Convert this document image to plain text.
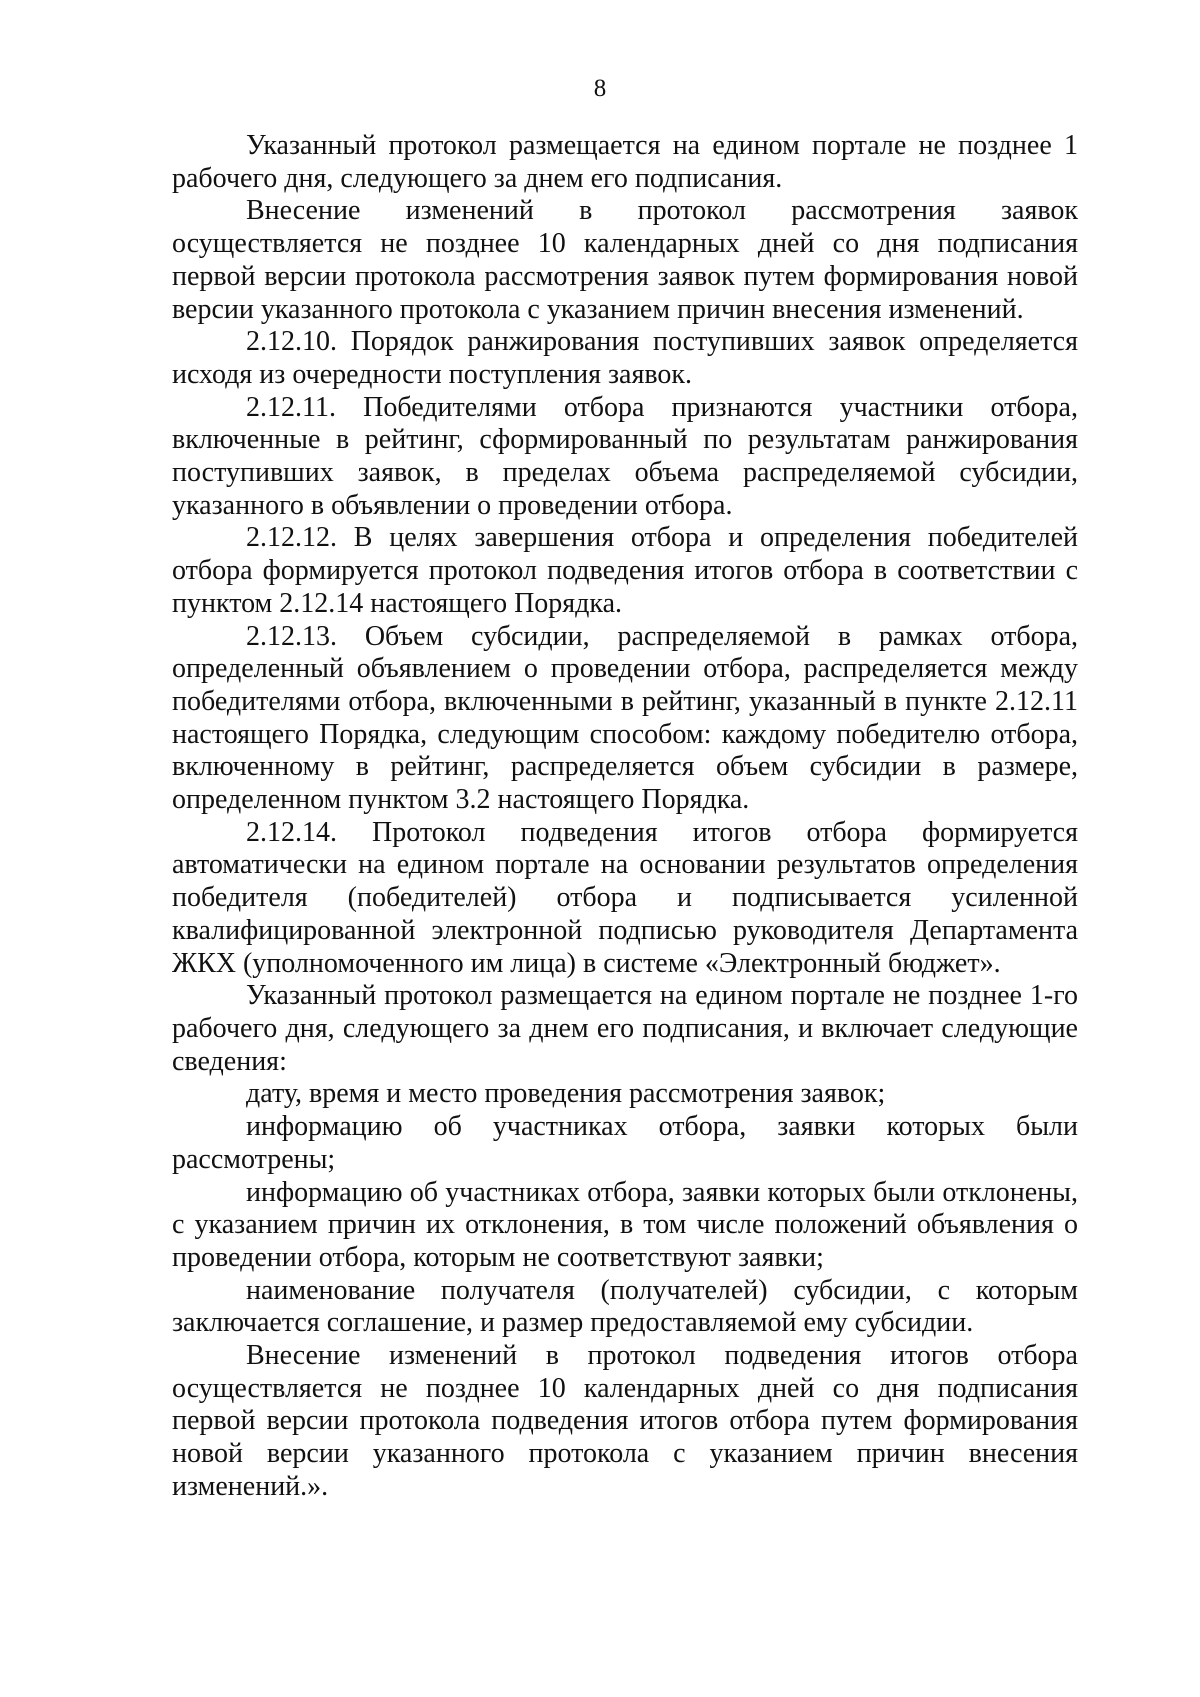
8

Указанный протокол размещается на едином портале не позднее 1 рабочего дня, следующего за днем его подписания.

Внесение изменений в протокол рассмотрения заявок осуществляется не позднее 10 календарных дней со дня подписания первой версии протокола рассмотрения заявок путем формирования новой версии указанного протокола с указанием причин внесения изменений.

2.12.10. Порядок ранжирования поступивших заявок определяется исходя из очередности поступления заявок.

2.12.11. Победителями отбора признаются участники отбора, включенные в рейтинг, сформированный по результатам ранжирования поступивших заявок, в пределах объема распределяемой субсидии, указанного в объявлении о проведении отбора.

2.12.12. В целях завершения отбора и определения победителей отбора формируется протокол подведения итогов отбора в соответствии с пунктом 2.12.14 настоящего Порядка.

2.12.13. Объем субсидии, распределяемой в рамках отбора, определенный объявлением о проведении отбора, распределяется между победителями отбора, включенными в рейтинг, указанный в пункте 2.12.11 настоящего Порядка, следующим способом: каждому победителю отбора, включенному в рейтинг, распределяется объем субсидии в размере, определенном пунктом 3.2 настоящего Порядка.

2.12.14. Протокол подведения итогов отбора формируется автоматически на едином портале на основании результатов определения победителя (победителей) отбора и подписывается усиленной квалифицированной электронной подписью руководителя Департамента ЖКХ (уполномоченного им лица) в системе «Электронный бюджет».

Указанный протокол размещается на едином портале не позднее 1-го рабочего дня, следующего за днем его подписания, и включает следующие сведения:

дату, время и место проведения рассмотрения заявок;

информацию об участниках отбора, заявки которых были рассмотрены;

информацию об участниках отбора, заявки которых были отклонены, с указанием причин их отклонения, в том числе положений объявления о проведении отбора, которым не соответствуют заявки;

наименование получателя (получателей) субсидии, с которым заключается соглашение, и размер предоставляемой ему субсидии.

Внесение изменений в протокол подведения итогов отбора осуществляется не позднее 10 календарных дней со дня подписания первой версии протокола подведения итогов отбора путем формирования новой версии указанного протокола с указанием причин внесения изменений.».
